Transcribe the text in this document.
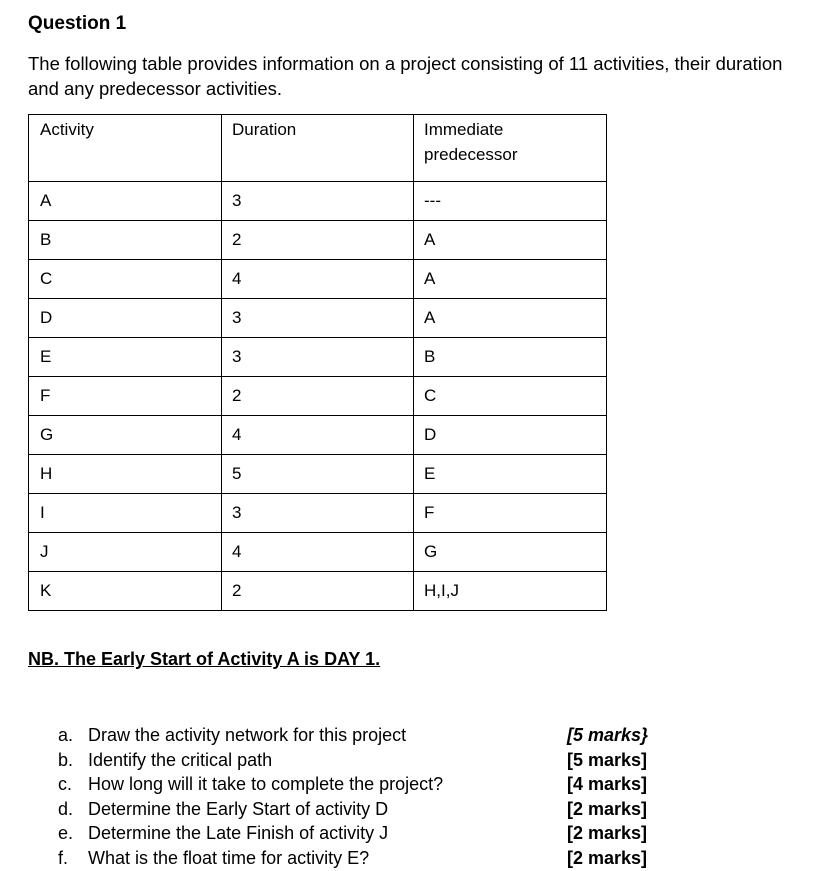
Question 1

The following table provides information on a project consisting of 11 activities, their duration and any predecessor activities.

Activity	Duration	Immediate predecessor
A	3	---
B	2	A
C	4	A
D	3	A
E	3	B
F	2	C
G	4	D
H	5	E
I	3	F
J	4	G
K	2	H,I,J

NB. The Early Start of Activity A is DAY 1.

a. Draw the activity network for this project
b. Identify the critical path
c. How long will it take to complete the project?
d. Determine the Early Start of activity D
e. Determine the Late Finish of activity J
f. What is the float time for activity E?
[5 marks}
[5 marks]
[4 marks]
[2 marks]
[2 marks]
[2 marks]
